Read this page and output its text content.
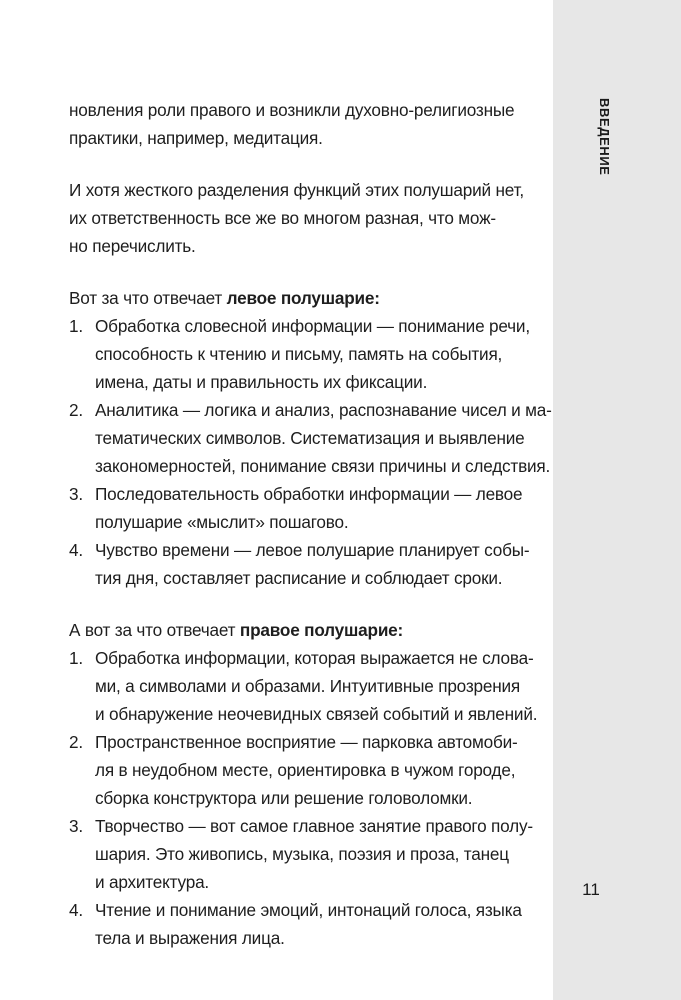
ВВЕДЕНИЕ
11
новления роли правого и возникли духовно-религиозные
практики, например, медитация.
И хотя жесткого разделения функций этих полушарий нет,
их ответственность все же во многом разная, что мож-
но перечислить.
Вот за что отвечает левое полушарие:
1. Обработка словесной информации — понимание речи,
способность к чтению и письму, память на события,
имена, даты и правильность их фиксации.
2. Аналитика — логика и анализ, распознавание чисел и ма-
тематических символов. Систематизация и выявление
закономерностей, понимание связи причины и следствия.
3. Последовательность обработки информации — левое
полушарие «мыслит» пошагово.
4. Чувство времени — левое полушарие планирует собы-
тия дня, составляет расписание и соблюдает сроки.
А вот за что отвечает правое полушарие:
1. Обработка информации, которая выражается не слова-
ми, а символами и образами. Интуитивные прозрения
и обнаружение неочевидных связей событий и явлений.
2. Пространственное восприятие — парковка автомоби-
ля в неудобном месте, ориентировка в чужом городе,
сборка конструктора или решение головоломки.
3. Творчество — вот самое главное занятие правого полу-
шария. Это живопись, музыка, поэзия и проза, танец
и архитектура.
4. Чтение и понимание эмоций, интонаций голоса, языка
тела и выражения лица.
